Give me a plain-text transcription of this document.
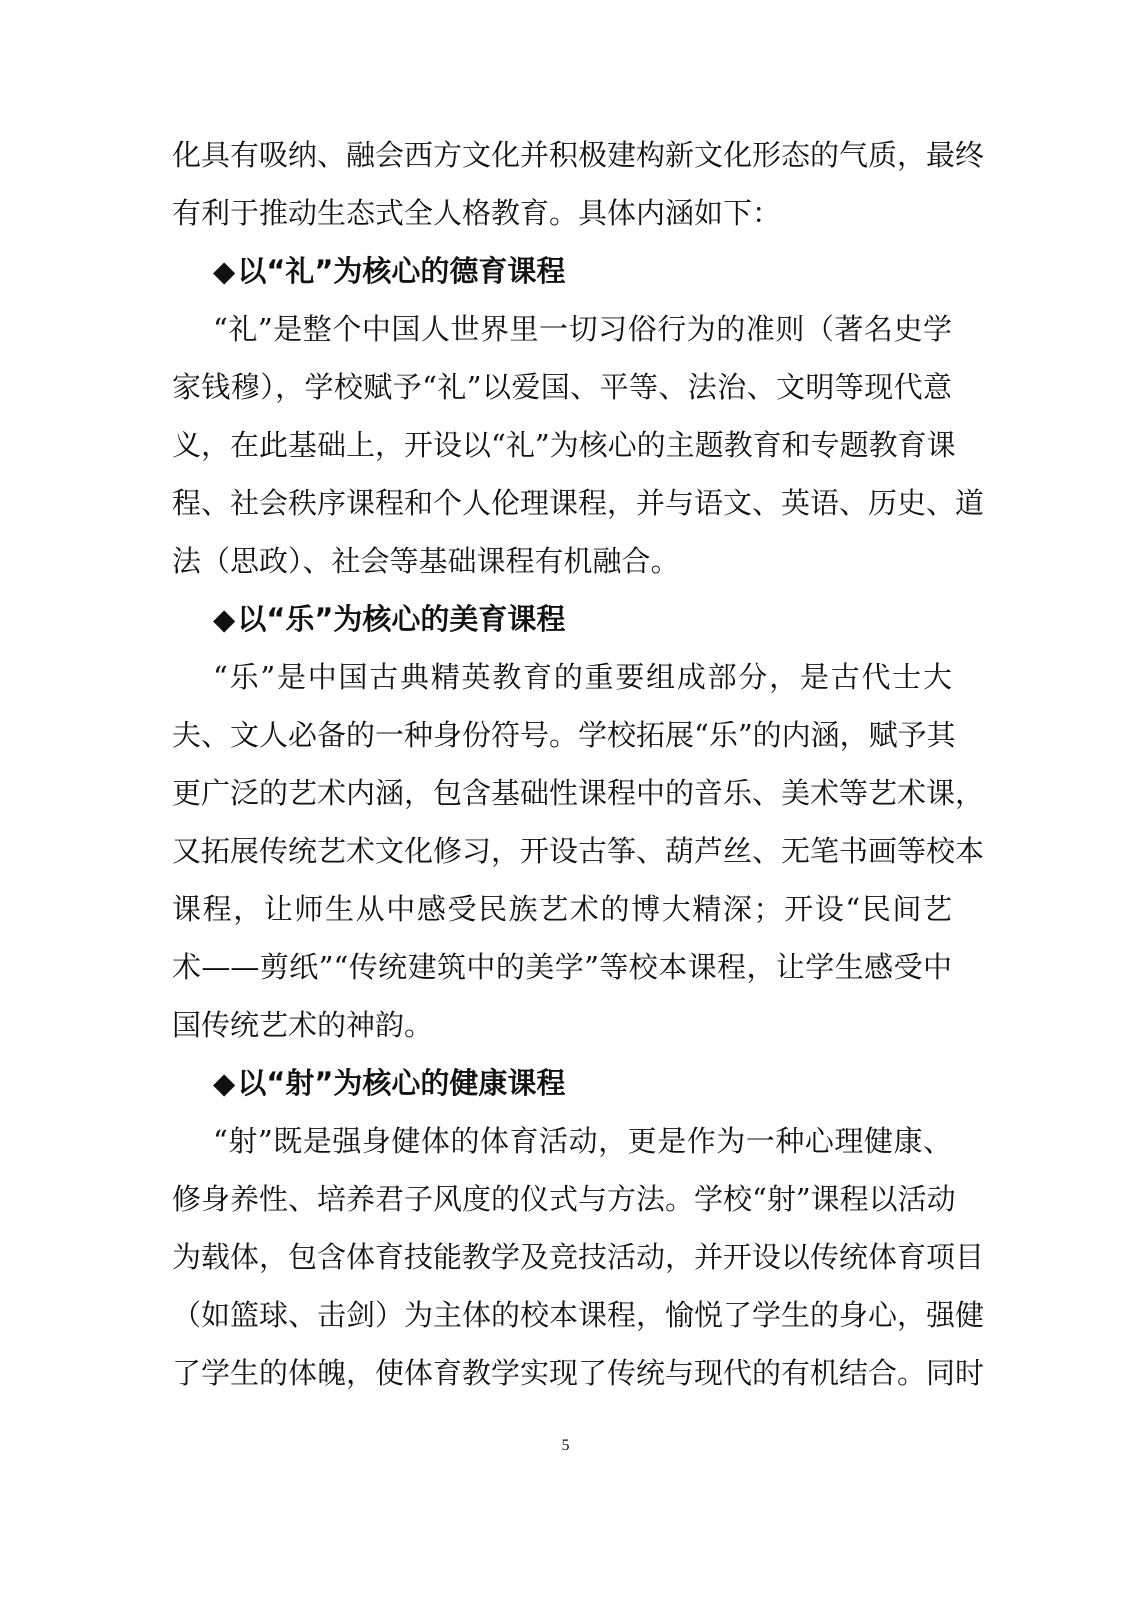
化具有吸纳、融会西方文化并积极建构新文化形态的气质，最终
有利于推动生态式全人格教育。具体内涵如下：
◆以“礼”为核心的德育课程
“礼”是整个中国人世界里一切习俗行为的准则（著名史学
家钱穆），学校赋予“礼”以爱国、平等、法治、文明等现代意
义，在此基础上，开设以“礼”为核心的主题教育和专题教育课
程、社会秩序课程和个人伦理课程，并与语文、英语、历史、道
法（思政）、社会等基础课程有机融合。
◆以“乐”为核心的美育课程
“乐”是中国古典精英教育的重要组成部分，是古代士大
夫、文人必备的一种身份符号。学校拓展“乐”的内涵，赋予其
更广泛的艺术内涵，包含基础性课程中的音乐、美术等艺术课，
又拓展传统艺术文化修习，开设古筝、葫芦丝、无笔书画等校本
课程，让师生从中感受民族艺术的博大精深；开设“民间艺
术——剪纸”“传统建筑中的美学”等校本课程，让学生感受中
国传统艺术的神韵。
◆以“射”为核心的健康课程
“射”既是强身健体的体育活动，更是作为一种心理健康、
修身养性、培养君子风度的仪式与方法。学校“射”课程以活动
为载体，包含体育技能教学及竞技活动，并开设以传统体育项目
（如篮球、击剑）为主体的校本课程，愉悦了学生的身心，强健
了学生的体魄，使体育教学实现了传统与现代的有机结合。同时
5
